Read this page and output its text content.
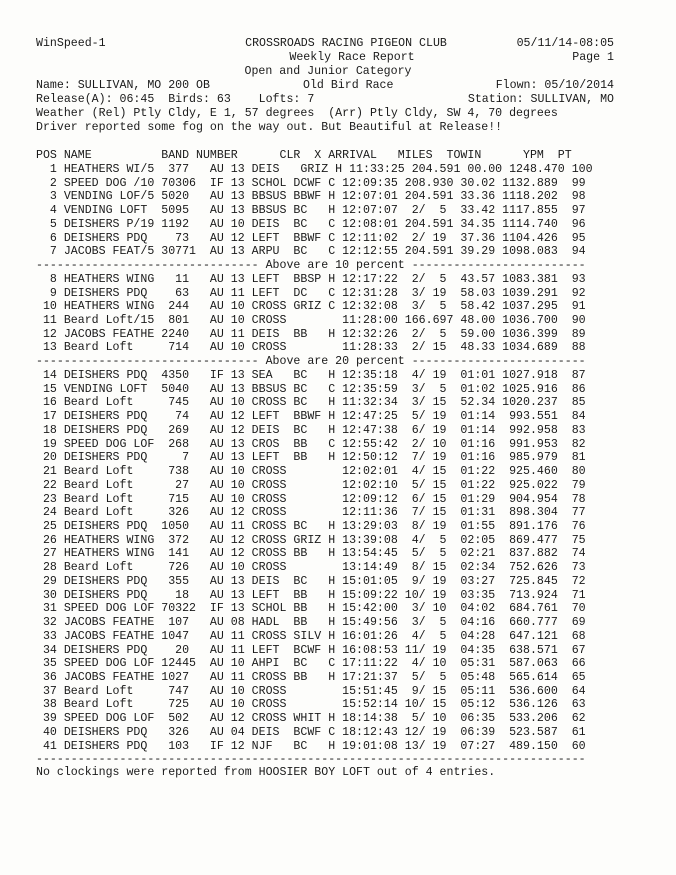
WinSpeed-1	CROSSROADS RACING PIGEON CLUB	05/11/14-08:05
Weekly Race Report	Page 1
Open and Junior Category
Name: SULLIVAN, MO 200 OB	Old Bird Race	Flown: 05/10/2014
Release(A): 06:45  Birds: 63    Lofts: 7	Station: SULLIVAN, MO
Weather (Rel) Ptly Cldy, E 1, 57 degrees  (Arr) Ptly Cldy, SW 4, 70 degrees
Driver reported some fog on the way out. But Beautiful at Release!!
POS NAME          BAND NUMBER      CLR  X ARRIVAL   MILES  TOWIN      YPM  PT
1 HEATHERS WI/5  377   AU 13 DEIS   GRIZ H 11:33:25 204.591 00.00 1248.470 100
2 SPEED DOG /10 70306  IF 13 SCHOL DCWF C 12:09:35 208.930 30.02 1132.889  99
3 VENDING LOF/5 5020   AU 13 BBSUS BBWF H 12:07:01 204.591 33.36 1118.202  98
4 VENDING LOFT  5095   AU 13 BBSUS BC   H 12:07:07  2/  5  33.42 1117.855  97
5 DEISHERS P/19 1192   AU 10 DEIS  BC   C 12:08:01 204.591 34.35 1114.740  96
6 DEISHERS PDQ    73   AU 12 LEFT  BBWF C 12:11:02  2/ 19  37.36 1104.426  95
7 JACOBS FEAT/5 30771  AU 13 ARPU  BC   C 12:12:55 204.591 39.29 1098.083  94
-------------------------------- Above are 10 percent -------------------------
8 HEATHERS WING   11   AU 13 LEFT  BBSP H 12:17:22  2/  5  43.57 1083.381  93
9 DEISHERS PDQ    63   AU 11 LEFT  DC   C 12:31:28  3/ 19  58.03 1039.291  92
10 HEATHERS WING  244   AU 10 CROSS GRIZ C 12:32:08  3/  5  58.42 1037.295  91
11 Beard Loft/15  801   AU 10 CROSS        11:28:00 166.697 48.00 1036.700  90
12 JACOBS FEATHE 2240   AU 11 DEIS  BB   H 12:32:26  2/  5  59.00 1036.399  89
13 Beard Loft     714   AU 10 CROSS        11:28:33  2/ 15  48.33 1034.689  88
-------------------------------- Above are 20 percent -------------------------
14 DEISHERS PDQ  4350   IF 13 SEA   BC   H 12:35:18  4/ 19  01:01 1027.918  87
15 VENDING LOFT  5040   AU 13 BBSUS BC   C 12:35:59  3/  5  01:02 1025.916  86
16 Beard Loft     745   AU 10 CROSS BC   H 11:32:34  3/ 15  52.34 1020.237  85
17 DEISHERS PDQ    74   AU 12 LEFT  BBWF H 12:47:25  5/ 19  01:14  993.551  84
18 DEISHERS PDQ   269   AU 12 DEIS  BC   H 12:47:38  6/ 19  01:14  992.958  83
19 SPEED DOG LOF  268   AU 13 CROS  BB   C 12:55:42  2/ 10  01:16  991.953  82
20 DEISHERS PDQ     7   AU 13 LEFT  BB   H 12:50:12  7/ 19  01:16  985.979  81
21 Beard Loft     738   AU 10 CROSS        12:02:01  4/ 15  01:22  925.460  80
22 Beard Loft      27   AU 10 CROSS        12:02:10  5/ 15  01:22  925.022  79
23 Beard Loft     715   AU 10 CROSS        12:09:12  6/ 15  01:29  904.954  78
24 Beard Loft     326   AU 12 CROSS        12:11:36  7/ 15  01:31  898.304  77
25 DEISHERS PDQ  1050   AU 11 CROSS BC   H 13:29:03  8/ 19  01:55  891.176  76
26 HEATHERS WING  372   AU 12 CROSS GRIZ H 13:39:08  4/  5  02:05  869.477  75
27 HEATHERS WING  141   AU 12 CROSS BB   H 13:54:45  5/  5  02:21  837.882  74
28 Beard Loft     726   AU 10 CROSS        13:14:49  8/ 15  02:34  752.626  73
29 DEISHERS PDQ   355   AU 13 DEIS  BC   H 15:01:05  9/ 19  03:27  725.845  72
30 DEISHERS PDQ    18   AU 13 LEFT  BB   H 15:09:22 10/ 19  03:35  713.924  71
31 SPEED DOG LOF 70322  IF 13 SCHOL BB   H 15:42:00  3/ 10  04:02  684.761  70
32 JACOBS FEATHE  107   AU 08 HADL  BB   H 15:49:56  3/  5  04:16  660.777  69
33 JACOBS FEATHE 1047   AU 11 CROSS SILV H 16:01:26  4/  5  04:28  647.121  68
34 DEISHERS PDQ    20   AU 11 LEFT  BCWF H 16:08:53 11/ 19  04:35  638.571  67
35 SPEED DOG LOF 12445  AU 10 AHPI  BC   C 17:11:22  4/ 10  05:31  587.063  66
36 JACOBS FEATHE 1027   AU 11 CROSS BB   H 17:21:37  5/  5  05:48  565.614  65
37 Beard Loft     747   AU 10 CROSS        15:51:45  9/ 15  05:11  536.600  64
38 Beard Loft     725   AU 10 CROSS        15:52:14 10/ 15  05:12  536.126  63
39 SPEED DOG LOF  502   AU 12 CROSS WHIT H 18:14:38  5/ 10  06:35  533.206  62
40 DEISHERS PDQ   326   AU 04 DEIS  BCWF C 18:12:43 12/ 19  06:39  523.587  61
41 DEISHERS PDQ   103   IF 12 NJF   BC   H 19:01:08 13/ 19  07:27  489.150  60
-------------------------------------------------------------------------------
No clockings were reported from HOOSIER BOY LOFT out of 4 entries.
